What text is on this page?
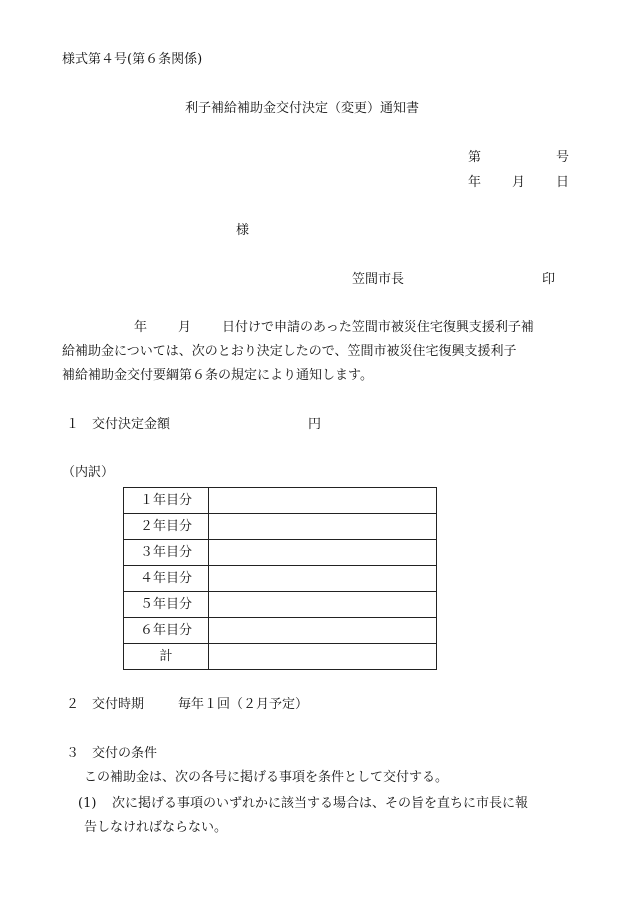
様式第４号(第６条関係)
利子補給補助金交付決定（変更）通知書
第	号
年 月 日
様
笠間市長	印
年 月 日付けで申請のあった笠間市被災住宅復興支援利子補
給補助金については、次のとおり決定したので、笠間市被災住宅復興支援利子
補給補助金交付要綱第６条の規定により通知します。
１ 交付決定金額	円
（内訳）
１年目分	
２年目分	
３年目分	
４年目分	
５年目分	
６年目分	
計	
２ 交付時期	毎年１回（２月予定）
３ 交付の条件
この補助金は、次の各号に掲げる事項を条件として交付する。
(1) 次に掲げる事項のいずれかに該当する場合は、その旨を直ちに市長に報
告しなければならない。
